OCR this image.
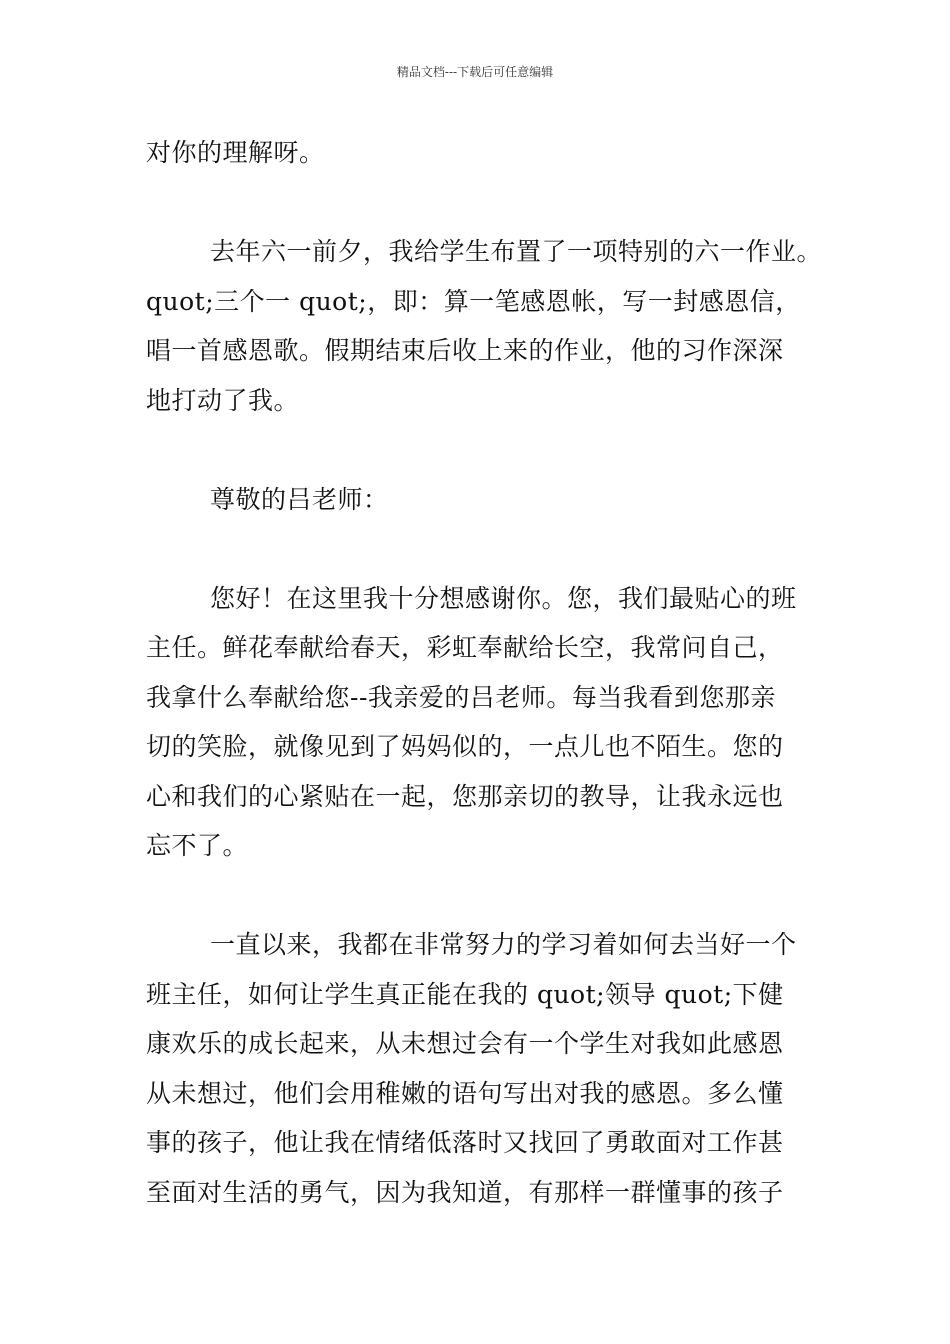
精品文档---下载后可任意编辑

对你的理解呀。

去年六一前夕，我给学生布置了一项特别的六一作业。
quot;三个一 quot;，即：算一笔感恩帐，写一封感恩信，
唱一首感恩歌。假期结束后收上来的作业，他的习作深深
地打动了我。

尊敬的吕老师：

您好！在这里我十分想感谢你。您，我们最贴心的班
主任。鲜花奉献给春天，彩虹奉献给长空，我常问自己，
我拿什么奉献给您--我亲爱的吕老师。每当我看到您那亲
切的笑脸，就像见到了妈妈似的，一点儿也不陌生。您的
心和我们的心紧贴在一起，您那亲切的教导，让我永远也
忘不了。

一直以来，我都在非常努力的学习着如何去当好一个
班主任，如何让学生真正能在我的 quot;领导 quot;下健
康欢乐的成长起来，从未想过会有一个学生对我如此感恩
从未想过，他们会用稚嫩的语句写出对我的感恩。多么懂
事的孩子，他让我在情绪低落时又找回了勇敢面对工作甚
至面对生活的勇气，因为我知道，有那样一群懂事的孩子
